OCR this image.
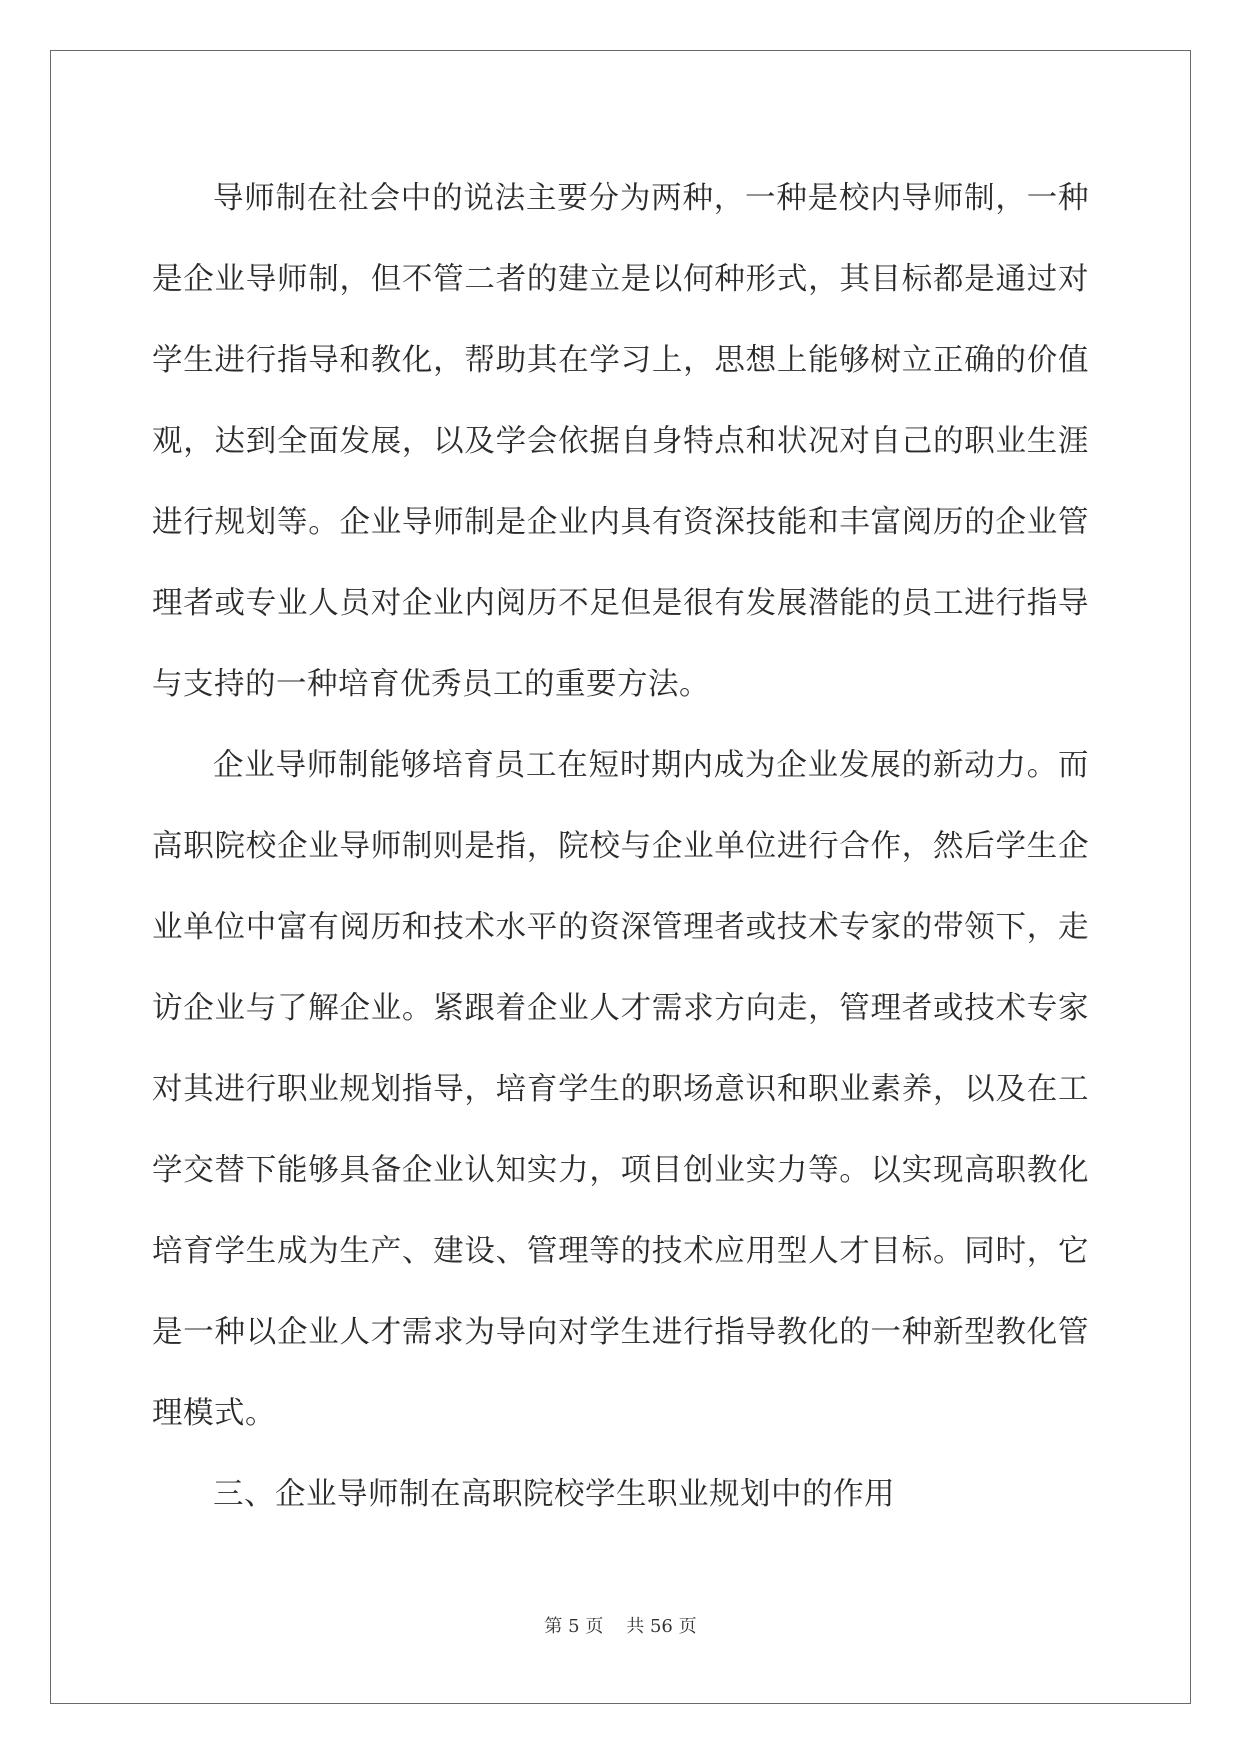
导师制在社会中的说法主要分为两种，一种是校内导师制，一种是企业导师制，但不管二者的建立是以何种形式，其目标都是通过对学生进行指导和教化，帮助其在学习上，思想上能够树立正确的价值观，达到全面发展，以及学会依据自身特点和状况对自己的职业生涯进行规划等。企业导师制是企业内具有资深技能和丰富阅历的企业管理者或专业人员对企业内阅历不足但是很有发展潜能的员工进行指导与支持的一种培育优秀员工的重要方法。

企业导师制能够培育员工在短时期内成为企业发展的新动力。而高职院校企业导师制则是指，院校与企业单位进行合作，然后学生企业单位中富有阅历和技术水平的资深管理者或技术专家的带领下，走访企业与了解企业。紧跟着企业人才需求方向走，管理者或技术专家对其进行职业规划指导，培育学生的职场意识和职业素养，以及在工学交替下能够具备企业认知实力，项目创业实力等。以实现高职教化培育学生成为生产、建设、管理等的技术应用型人才目标。同时，它是一种以企业人才需求为导向对学生进行指导教化的一种新型教化管理模式。

三、企业导师制在高职院校学生职业规划中的作用

第 5 页 共 56 页
